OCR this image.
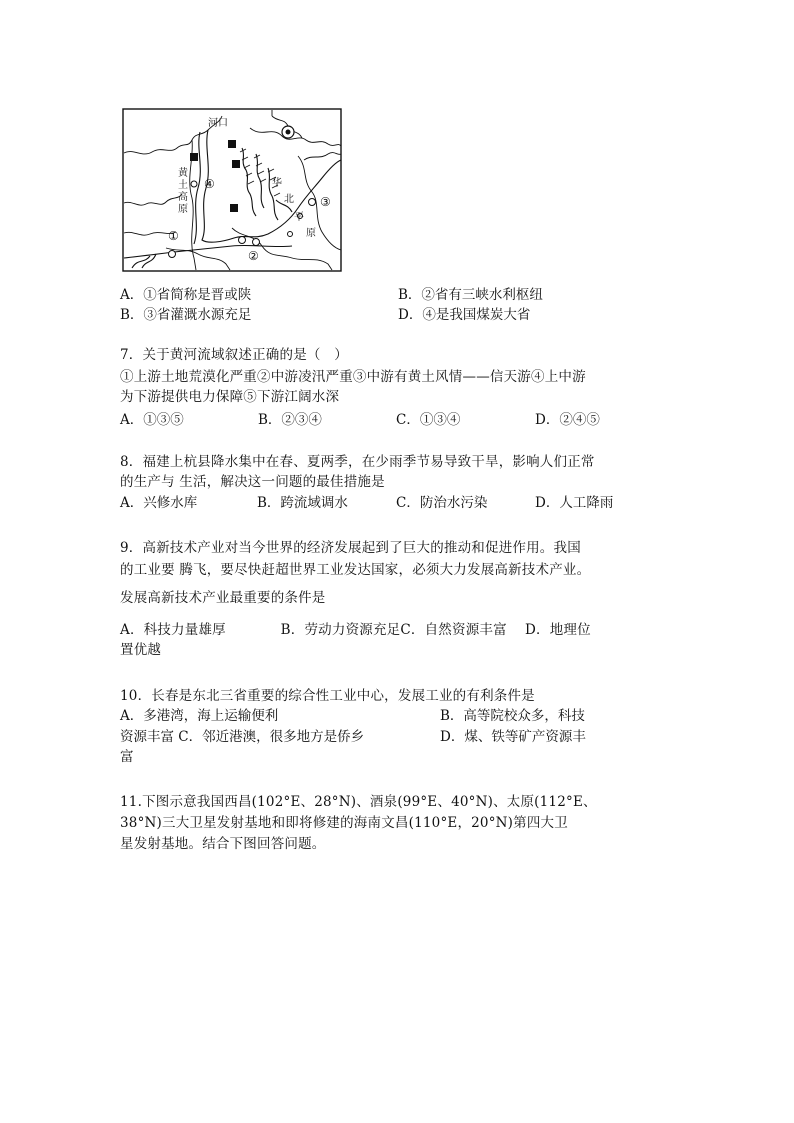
河口
黄
土
高
原
华
北
平
原
④
①
②
③
A．①省简称是晋或陕	B．②省有三峡水利枢纽
B．③省灌溉水源充足	D．④是我国煤炭大省
7．关于黄河流域叙述正确的是（　）
①上游土地荒漠化严重②中游凌汛严重③中游有黄土风情——信天游④上中游
为下游提供电力保障⑤下游江阔水深
A．①③⑤	B．②③④	C．①③④	D．②④⑤
8．福建上杭县降水集中在春、夏两季，在少雨季节易导致干旱，影响人们正常
的生产与 生活，解决这一问题的最佳措施是
A．兴修水库	B．跨流域调水	C．防治水污染	D．人工降雨
9．高新技术产业对当今世界的经济发展起到了巨大的推动和促进作用。我国
的工业要 腾飞，要尽快赶超世界工业发达国家，必须大力发展高新技术产业。
发展高新技术产业最重要的条件是
A．科技力量雄厚　　　　B．劳动力资源充足C．自然资源丰富　 D．地理位
置优越
10．长春是东北三省重要的综合性工业中心，发展工业的有利条件是
A．多港湾，海上运输便利	B．高等院校众多，科技
资源丰富 C．邻近港澳，很多地方是侨乡	D．煤、铁等矿产资源丰
富
11.下图示意我国西昌(102°E、28°N)、酒泉(99°E、40°N)、太原(112°E、
38°N)三大卫星发射基地和即将修建的海南文昌(110°E，20°N)第四大卫
星发射基地。结合下图回答问题。
